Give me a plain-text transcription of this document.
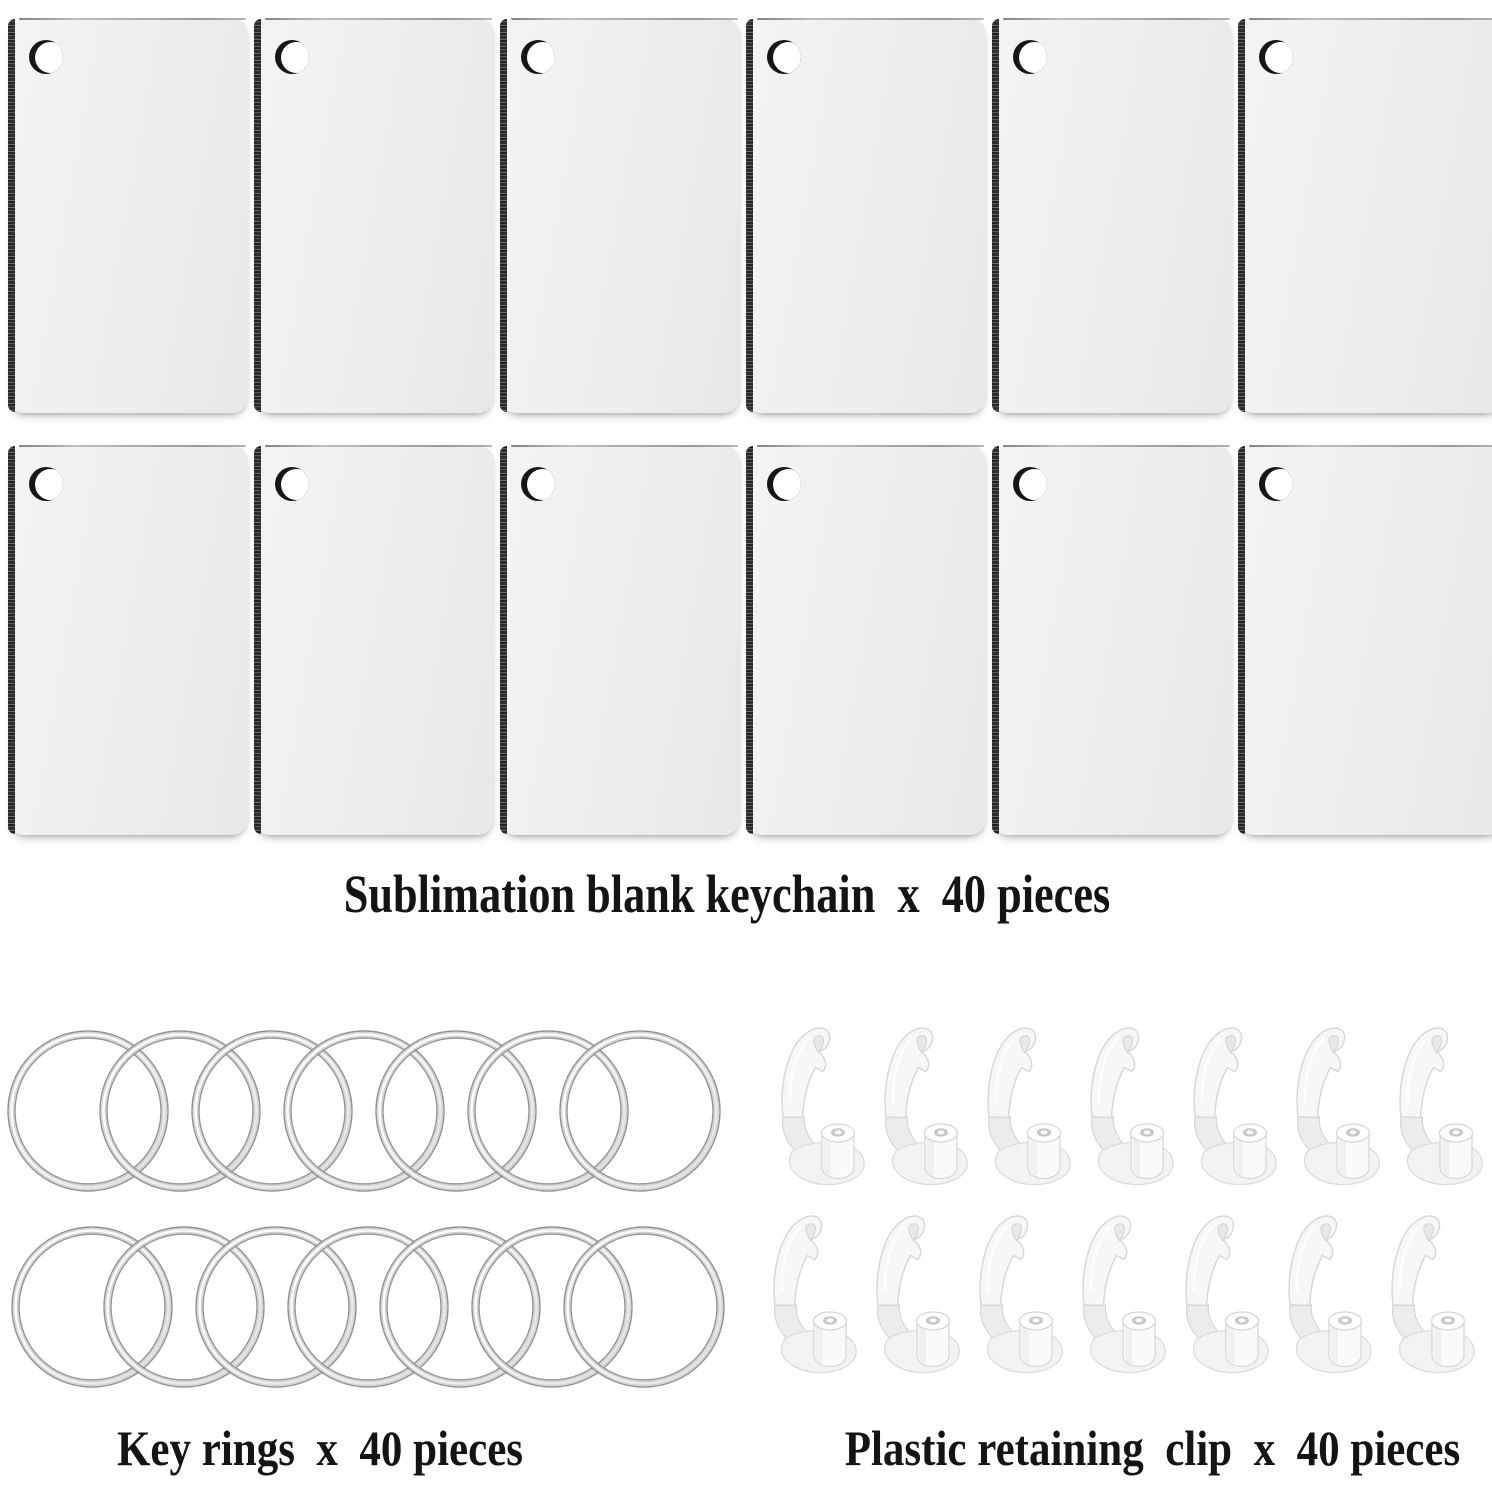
Sublimation blank keychain  x  40 pieces
Key rings  x  40 pieces	Plastic retaining  clip  x  40 pieces
